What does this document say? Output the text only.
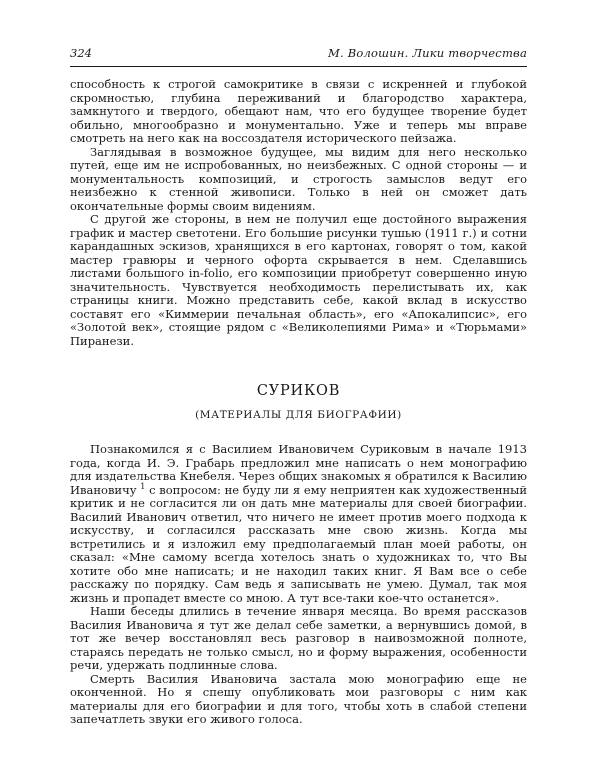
324	М. Волошин. Лики творчества

способность к строгой самокритике в связи с искренней и глубокой скромностью, глубина переживаний и благородство характера, замкнутого и твердого, обещают нам, что его будущее творение будет обильно, многообразно и монументально. Уже и теперь мы вправе смотреть на него как на воссоздателя исторического пейзажа.

Заглядывая в возможное будущее, мы видим для него несколько путей, еще им не испробованных, но неизбежных. С одной стороны — и монументальность композиций, и строгость замыслов ведут его неизбежно к стенной живописи. Только в ней он сможет дать окончательные формы своим видениям.

С другой же стороны, в нем не получил еще достойного выражения график и мастер светотени. Его большие рисунки тушью (1911 г.) и сотни карандашных эскизов, хранящихся в его картонах, говорят о том, какой мастер гравюры и черного офорта скрывается в нем. Сделавшись листами большого in-folio, его композиции приобретут совершенно иную значительность. Чувствуется необходимость перелистывать их, как страницы книги. Можно представить себе, какой вклад в искусство составят его «Киммерии печальная область», его «Апокалипсис», его «Золотой век», стоящие рядом с «Великолепиями Рима» и «Тюрьмами» Пиранези.

СУРИКОВ
(МАТЕРИАЛЫ ДЛЯ БИОГРАФИИ)

Познакомился я с Василием Ивановичем Суриковым в начале 1913 года, когда И. Э. Грабарь предложил мне написать о нем монографию для издательства Кнебеля. Через общих знакомых я обратился к Василию Ивановичу $^1$ с вопросом: не буду ли я ему неприятен как художественный критик и не согласится ли он дать мне материалы для своей биографии. Василий Иванович ответил, что ничего не имеет против моего подхода к искусству, и согласился рассказать мне свою жизнь. Когда мы встретились и я изложил ему предполагаемый план моей работы, он сказал: «Мне самому всегда хотелось знать о художниках то, что Вы хотите обо мне написать; и не находил таких книг. Я Вам все о себе расскажу по порядку. Сам ведь я записывать не умею. Думал, так моя жизнь и пропадет вместе со мною. А тут все-таки кое-что останется».

Наши беседы длились в течение января месяца. Во время рассказов Василия Ивановича я тут же делал себе заметки, а вернувшись домой, в тот же вечер восстановлял весь разговор в наивозможной полноте, стараясь передать не только смысл, но и форму выражения, особенности речи, удержать подлинные слова.

Смерть Василия Ивановича застала мою монографию еще не оконченной. Но я спешу опубликовать мои разговоры с ним как материалы для его биографии и для того, чтобы хоть в слабой степени запечатлеть звуки его живого голоса.
